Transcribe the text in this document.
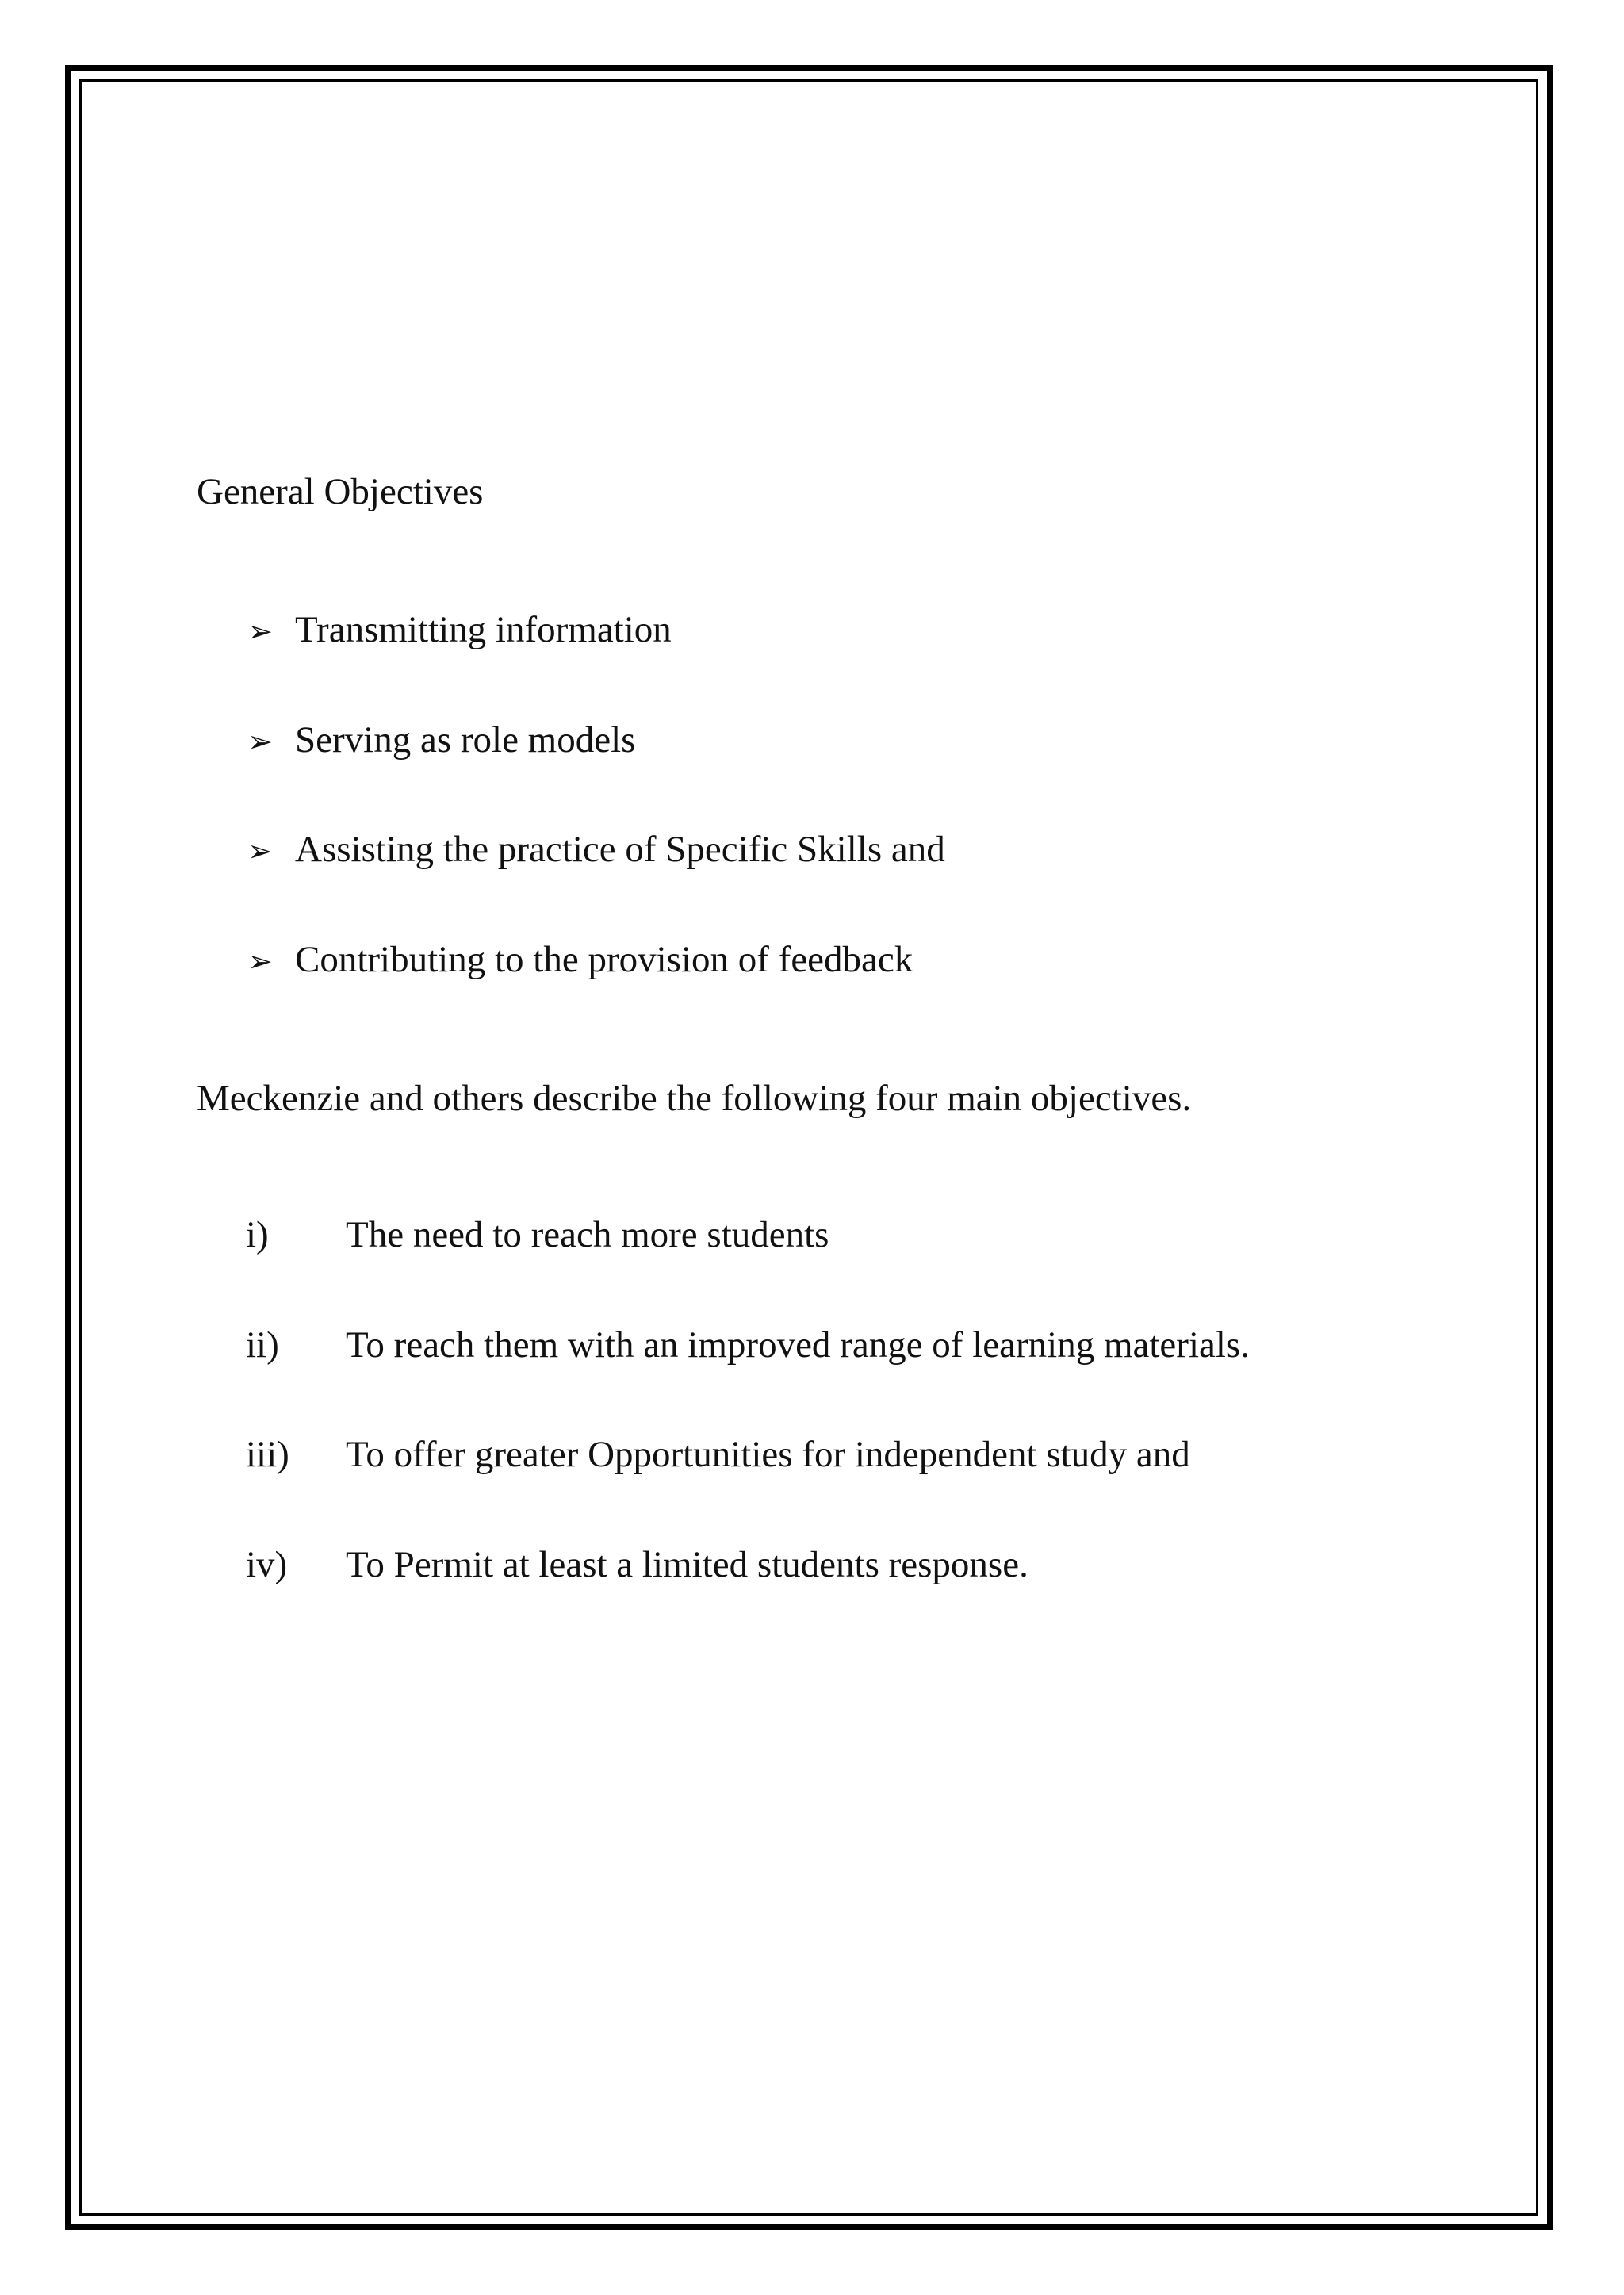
General Objectives
➢ Transmitting information
➢ Serving as role models
➢ Assisting the practice of Specific Skills and
➢ Contributing to the provision of feedback
Meckenzie and others describe the following four main objectives.
i) The need to reach more students
ii) To reach them with an improved range of learning materials.
iii) To offer greater Opportunities for independent study and
iv) To Permit at least a limited students response.
